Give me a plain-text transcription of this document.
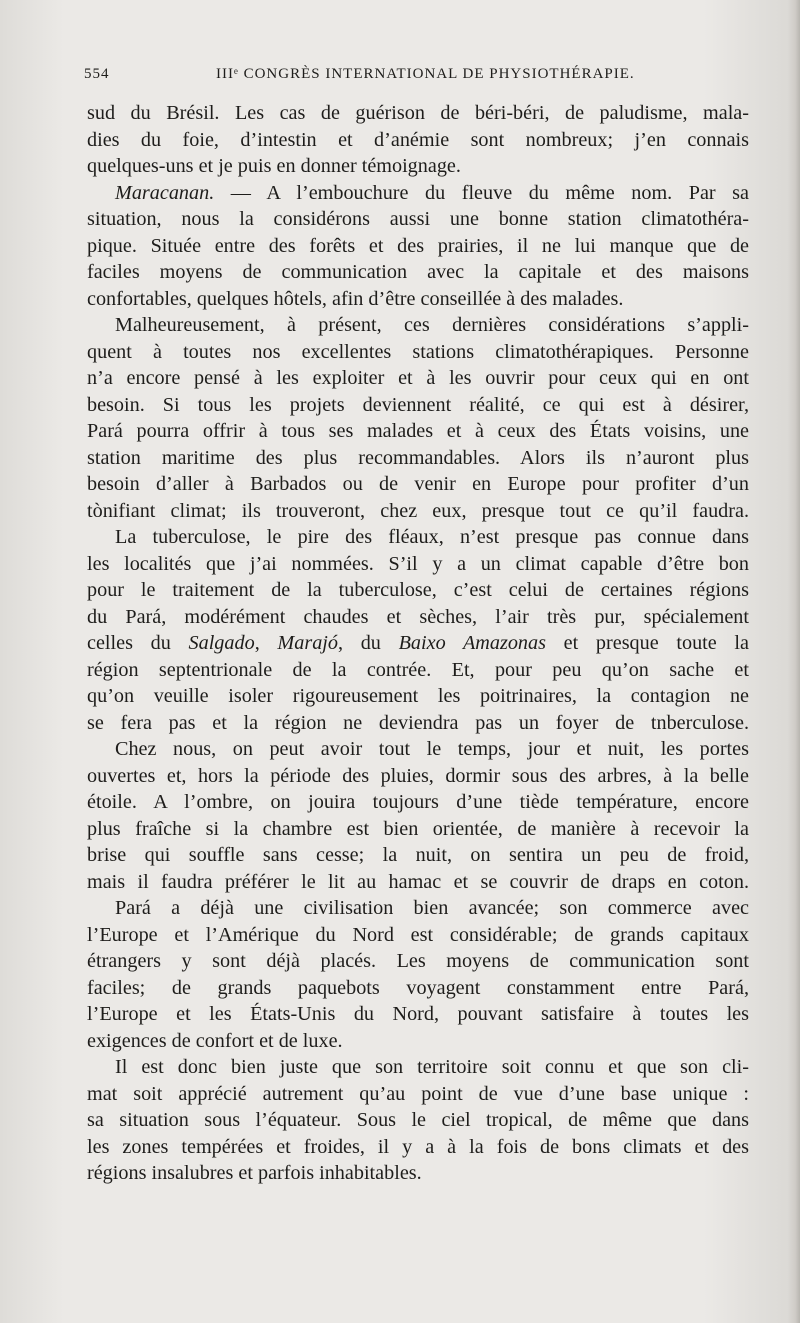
554	IIIᵉ CONGRÈS INTERNATIONAL DE PHYSIOTHÉRAPIE.
sud du Brésil. Les cas de guérison de béri-béri, de paludisme, mala-
dies du foie, d’intestin et d’anémie sont nombreux; j’en connais
quelques-uns et je puis en donner témoignage.
Maracanan. — A l’embouchure du fleuve du même nom. Par sa
situation, nous la considérons aussi une bonne station climatothéra-
pique. Située entre des forêts et des prairies, il ne lui manque que de
faciles moyens de communication avec la capitale et des maisons
confortables, quelques hôtels, afin d’être conseillée à des malades.
Malheureusement, à présent, ces dernières considérations s’appli-
quent à toutes nos excellentes stations climatothérapiques. Personne
n’a encore pensé à les exploiter et à les ouvrir pour ceux qui en ont
besoin. Si tous les projets deviennent réalité, ce qui est à désirer,
Pará pourra offrir à tous ses malades et à ceux des États voisins, une
station maritime des plus recommandables. Alors ils n’auront plus
besoin d’aller à Barbados ou de venir en Europe pour profiter d’un
tònifiant climat; ils trouveront, chez eux, presque tout ce qu’il faudra.
La tuberculose, le pire des fléaux, n’est presque pas connue dans
les localités que j’ai nommées. S’il y a un climat capable d’être bon
pour le traitement de la tuberculose, c’est celui de certaines régions
du Pará, modérément chaudes et sèches, l’air très pur, spécialement
celles du Salgado, Marajó, du Baixo Amazonas et presque toute la
région septentrionale de la contrée. Et, pour peu qu’on sache et
qu’on veuille isoler rigoureusement les poitrinaires, la contagion ne
se fera pas et la région ne deviendra pas un foyer de tnberculose.
Chez nous, on peut avoir tout le temps, jour et nuit, les portes
ouvertes et, hors la période des pluies, dormir sous des arbres, à la belle
étoile. A l’ombre, on jouira toujours d’une tiède température, encore
plus fraîche si la chambre est bien orientée, de manière à recevoir la
brise qui souffle sans cesse; la nuit, on sentira un peu de froid,
mais il faudra préférer le lit au hamac et se couvrir de draps en coton.
Pará a déjà une civilisation bien avancée; son commerce avec
l’Europe et l’Amérique du Nord est considérable; de grands capitaux
étrangers y sont déjà placés. Les moyens de communication sont
faciles; de grands paquebots voyagent constamment entre Pará,
l’Europe et les États-Unis du Nord, pouvant satisfaire à toutes les
exigences de confort et de luxe.
Il est donc bien juste que son territoire soit connu et que son cli-
mat soit apprécié autrement qu’au point de vue d’une base unique :
sa situation sous l’équateur. Sous le ciel tropical, de même que dans
les zones tempérées et froides, il y a à la fois de bons climats et des
régions insalubres et parfois inhabitables.
